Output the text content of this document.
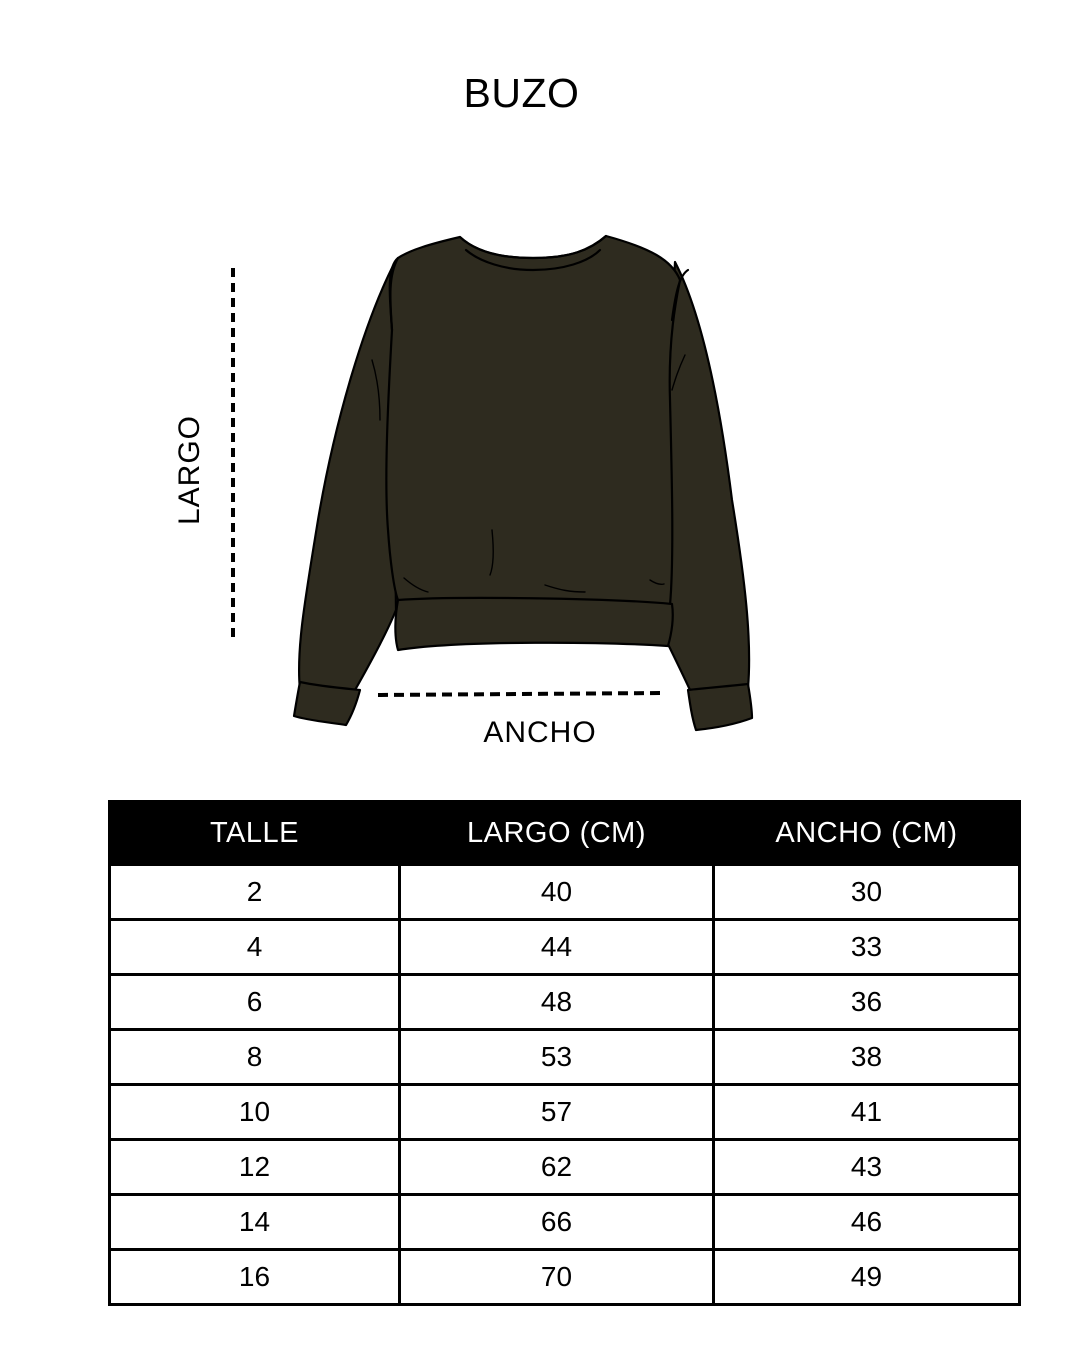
BUZO
LARGO
ANCHO
TALLE	LARGO (CM)	ANCHO (CM)
2	40	30
4	44	33
6	48	36
8	53	38
10	57	41
12	62	43
14	66	46
16	70	49
